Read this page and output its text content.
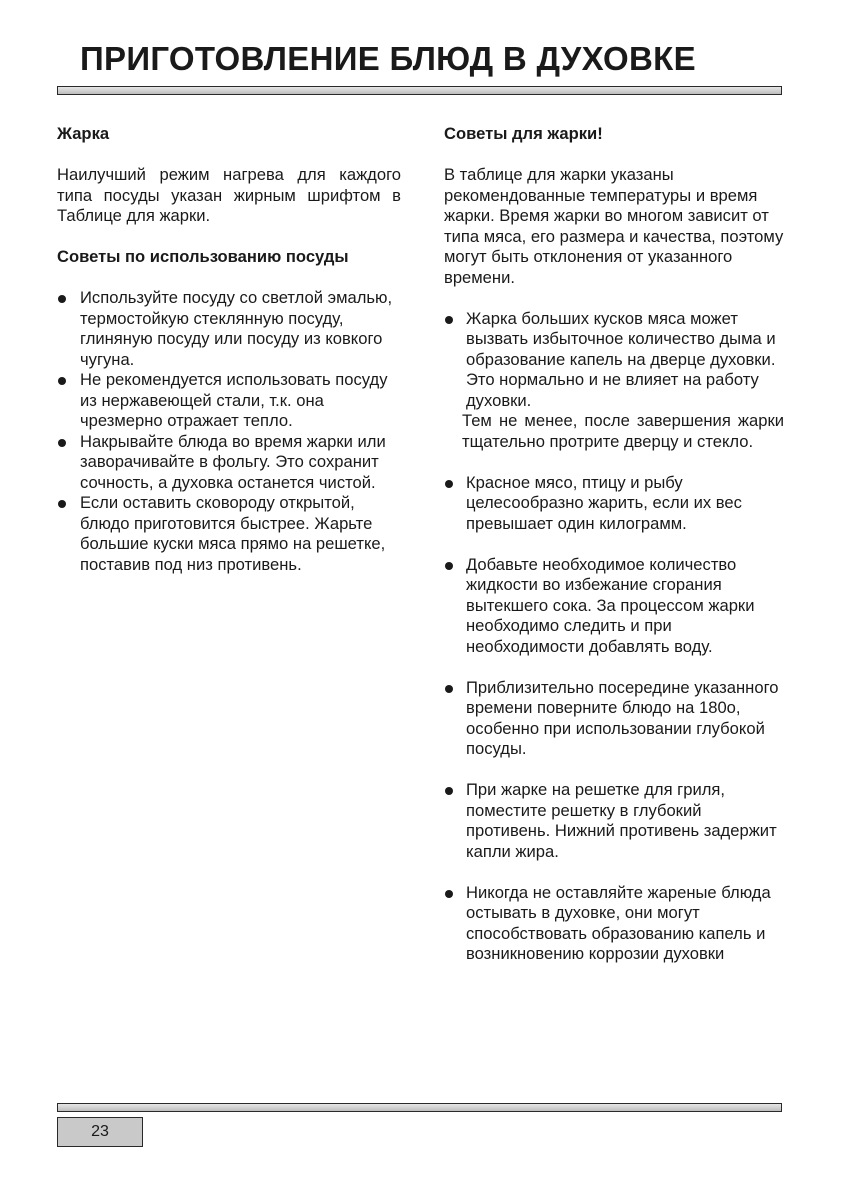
ПРИГОТОВЛЕНИЕ БЛЮД В ДУХОВКЕ
Жарка

Наилучший режим нагрева для каждого типа посуды указан жирным шрифтом в Таблице для жарки.

Советы по использованию посуды
Используйте посуду со светлой эмалью, термостойкую стеклянную посуду, глиняную посуду или посуду из ковкого чугуна.
Не рекомендуется использовать посуду из нержавеющей стали, т.к. она чрезмерно отражает тепло.
Накрывайте блюда во время жарки или заворачивайте в фольгу. Это сохранит сочность, а духовка останется чистой.
Если оставить сковороду открытой, блюдо приготовится быстрее. Жарьте большие куски мяса прямо на решетке, поставив под низ противень.
Советы для жарки!

В таблице для жарки указаны рекомендованные температуры и время жарки. Время жарки во многом зависит от типа мяса, его размера и качества, поэтому могут быть отклонения от указанного времени.

Жарка больших кусков мяса может вызвать избыточное количество дыма и образование капель на дверце духовки. Это нормально и не влияет на работу духовки.

Тем не менее, после завершения жарки тщательно протрите дверцу и стекло.

Красное мясо, птицу и рыбу целесообразно жарить, если их вес превышает один килограмм.
Добавьте необходимое количество жидкости во избежание сгорания вытекшего сока. За процессом жарки необходимо следить и при необходимости добавлять воду.
Приблизительно посередине указанного времени поверните блюдо на 180о, особенно при использовании глубокой посуды.
При жарке на решетке для гриля, поместите решетку в глубокий противень. Нижний противень задержит капли жира.
Никогда не оставляйте жареные блюда остывать в духовке, они могут способствовать образованию капель и возникновению коррозии духовки
23
